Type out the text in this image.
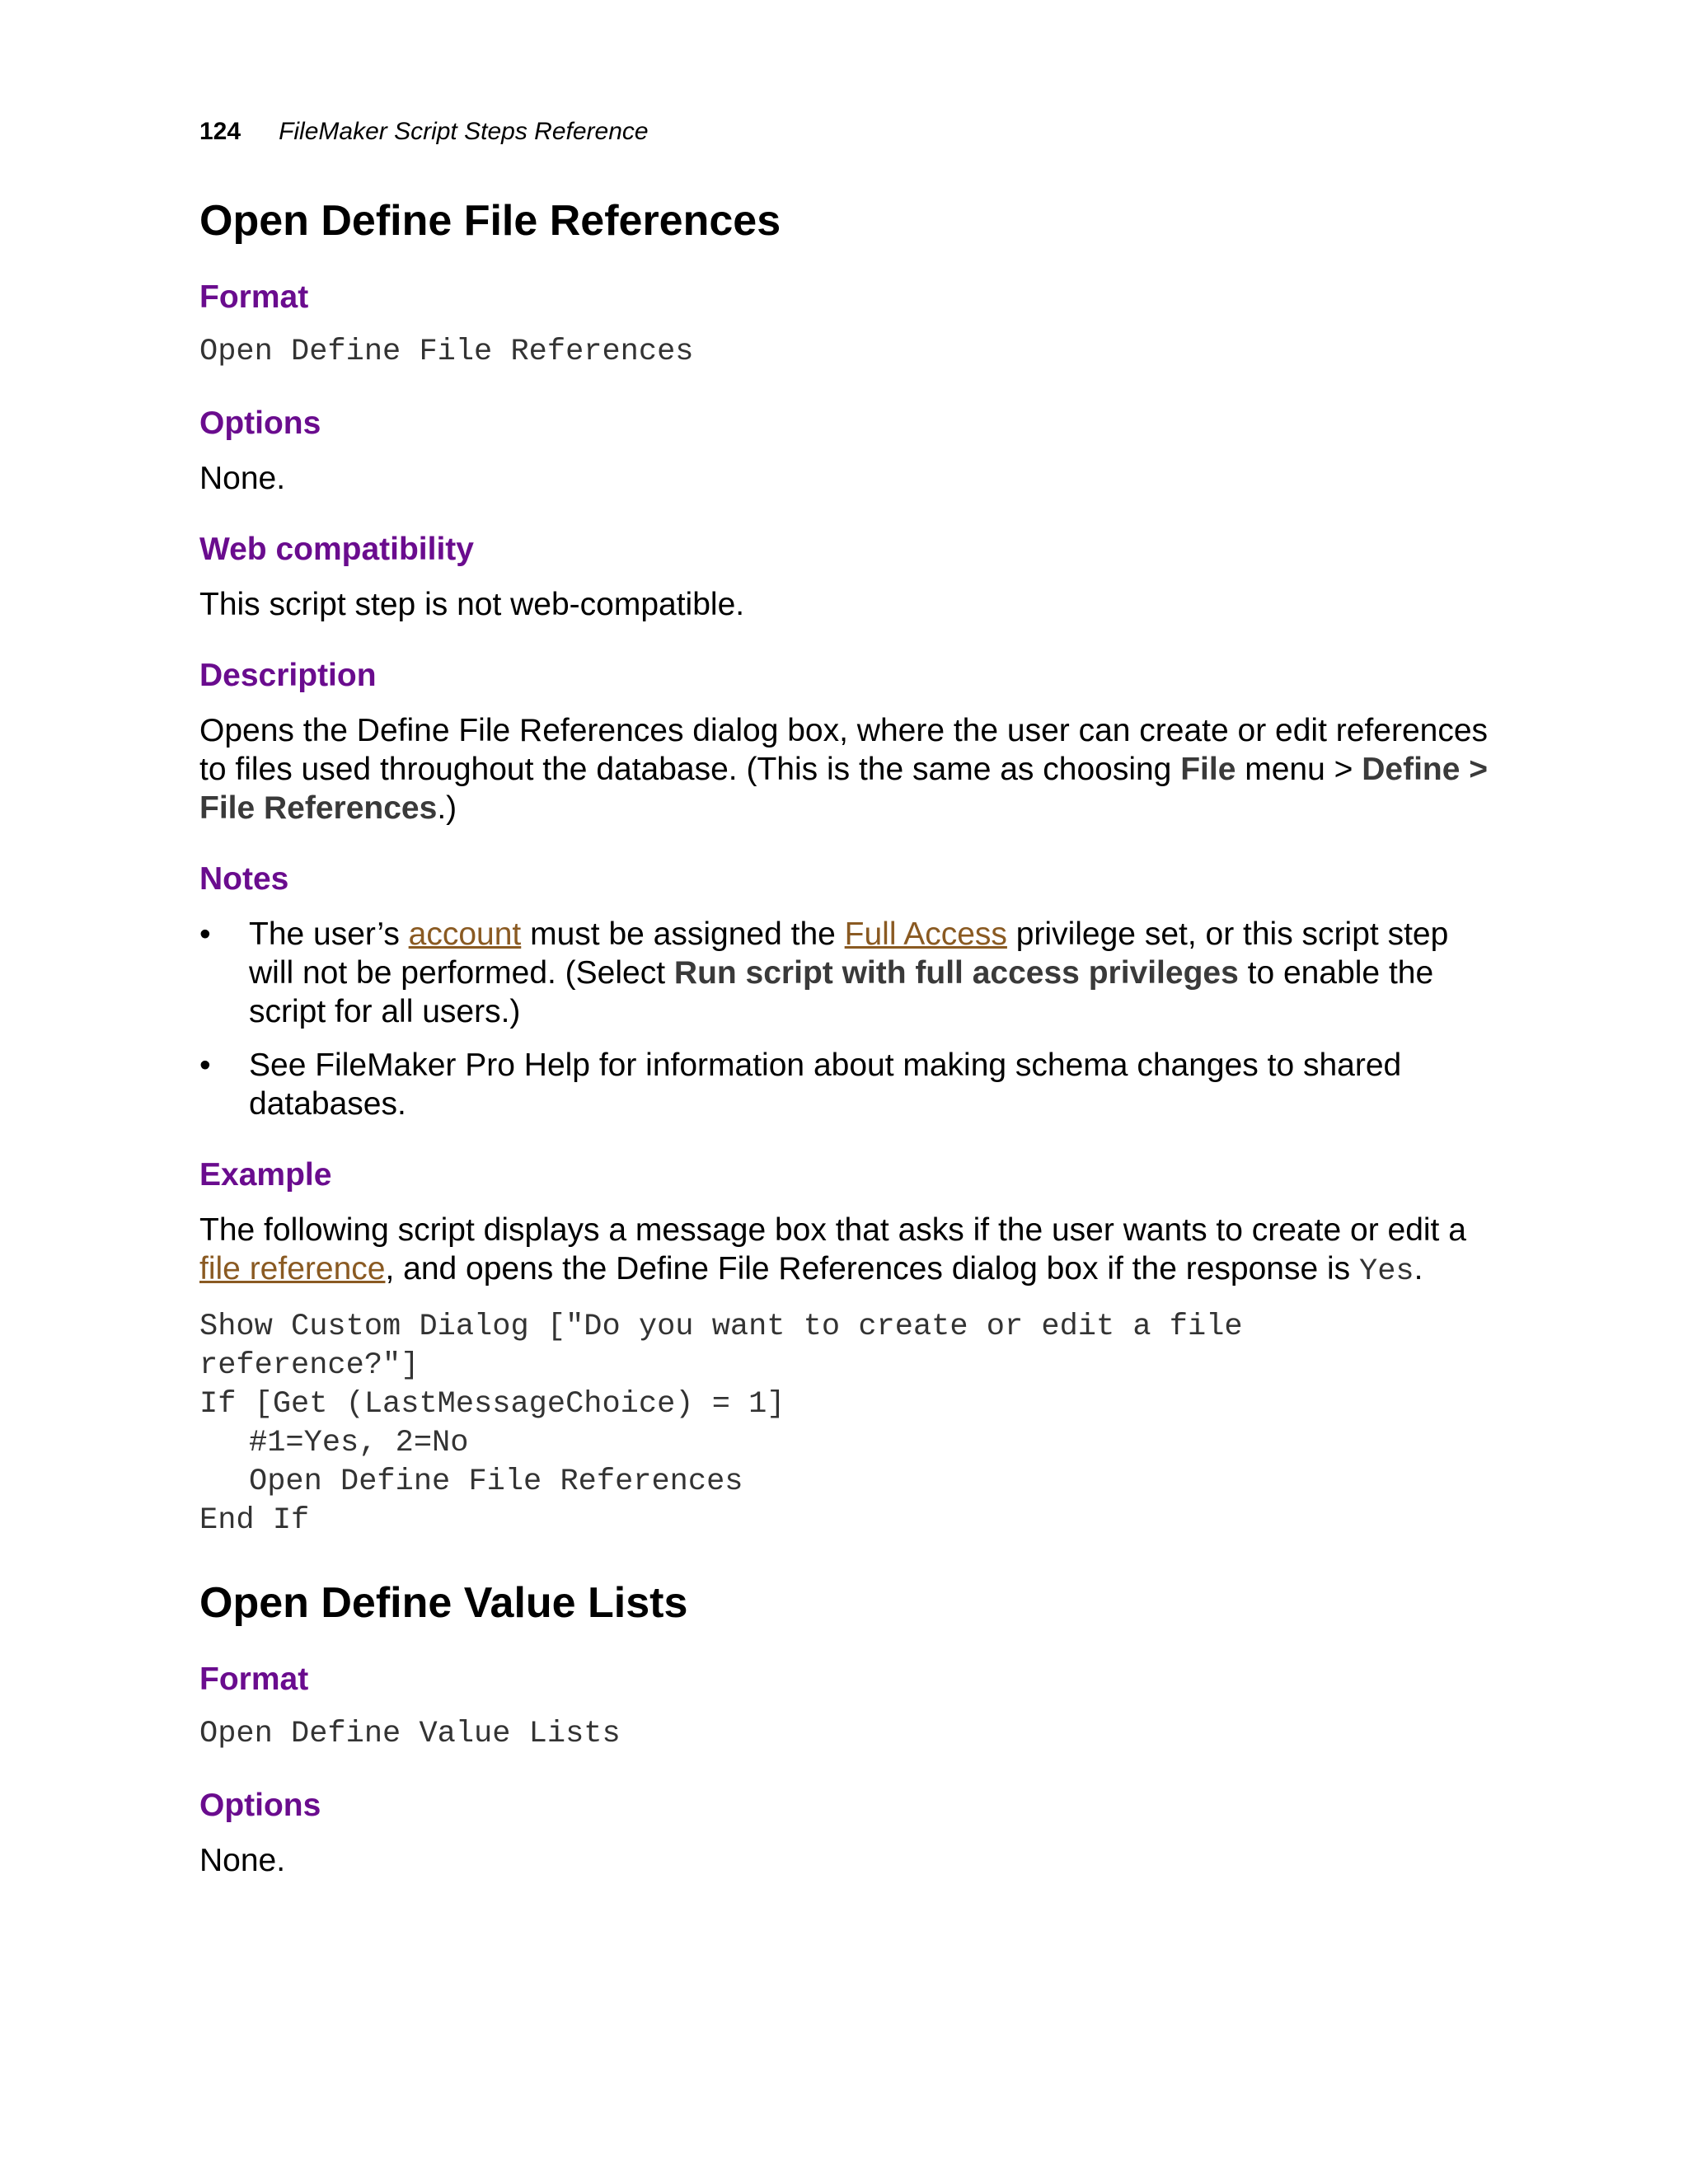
124 FileMaker Script Steps Reference
Open Define File References
Format

Open Define File References

Options

None.

Web compatibility

This script step is not web-compatible.

Description

Opens the Define File References dialog box, where the user can create or edit references to files used throughout the database. (This is the same as choosing File menu > Define > File References.)

Notes
• The user’s account must be assigned the Full Access privilege set, or this script step will not be performed. (Select Run script with full access privileges to enable the script for all users.)
• See FileMaker Pro Help for information about making schema changes to shared databases.
Example

The following script displays a message box that asks if the user wants to create or edit a file reference, and opens the Define File References dialog box if the response is Yes.

Show Custom Dialog ["Do you want to create or edit a file
reference?"]
If [Get (LastMessageChoice) = 1]
#1=Yes, 2=No
Open Define File References
End If
Open Define Value Lists
Format

Open Define Value Lists

Options

None.
